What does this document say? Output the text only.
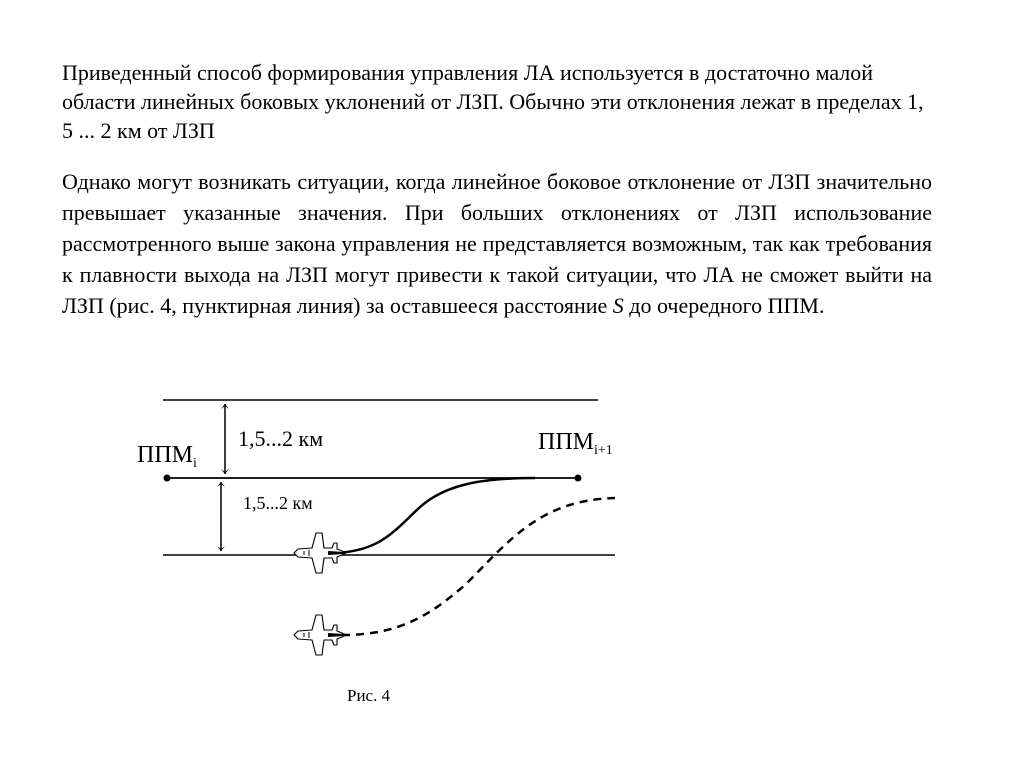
Приведенный способ формирования управления ЛА используется в достаточно малой области линейных боковых уклонений от ЛЗП. Обычно эти отклонения лежат в пределах 1, 5 ... 2 км от ЛЗП

Однако могут возникать ситуации, когда линейное боковое отклонение от ЛЗП значительно превышает указанные значения. При больших отклонениях от ЛЗП использование рассмотренного выше закона управления не представляется возможным, так как требования к плавности выхода на ЛЗП могут привести к такой ситуации, что ЛА не сможет выйти на ЛЗП (рис. 4, пунктирная линия) за оставшееся расстояние S до очередного ППМ.

$ППМ_i$
$ППМ_{i+1}$
1,5...2 км
1,5...2 км
Рис. 4
